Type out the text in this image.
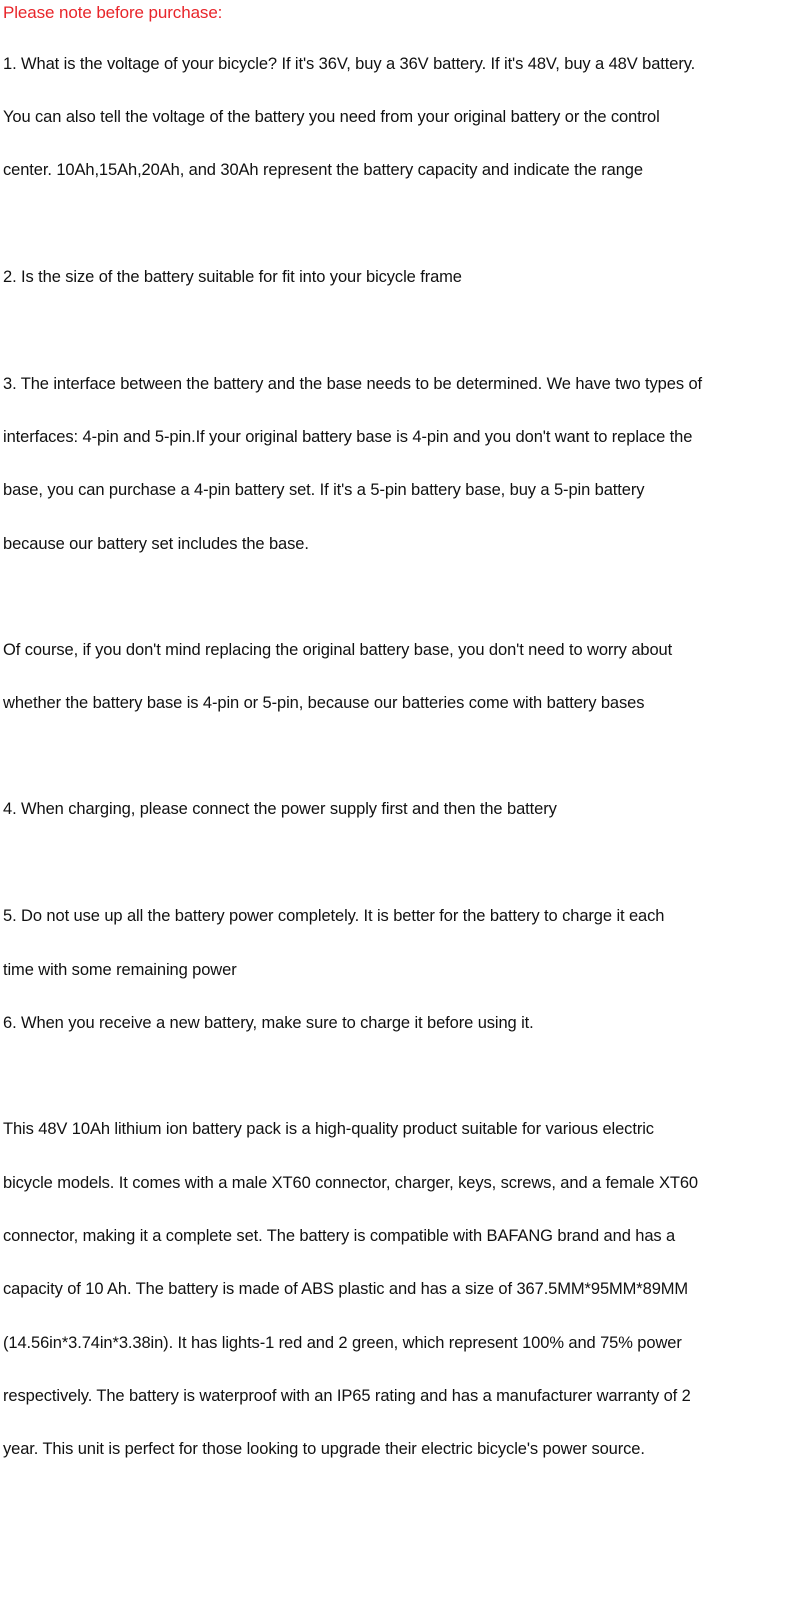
Please note before purchase:
1. What is the voltage of your bicycle? If it's 36V, buy a 36V battery. If it's 48V, buy a 48V battery.
You can also tell the voltage of the battery you need from your original battery or the control
center. 10Ah,15Ah,20Ah, and 30Ah represent the battery capacity and indicate the range
2. Is the size of the battery suitable for fit into your bicycle frame
3. The interface between the battery and the base needs to be determined. We have two types of
interfaces: 4-pin and 5-pin.If your original battery base is 4-pin and you don't want to replace the
base, you can purchase a 4-pin battery set. If it's a 5-pin battery base, buy a 5-pin battery
because our battery set includes the base.
Of course, if you don't mind replacing the original battery base, you don't need to worry about
whether the battery base is 4-pin or 5-pin, because our batteries come with battery bases
4. When charging, please connect the power supply first and then the battery
5. Do not use up all the battery power completely. It is better for the battery to charge it each
time with some remaining power
6. When you receive a new battery, make sure to charge it before using it.
This 48V 10Ah lithium ion battery pack is a high-quality product suitable for various electric
bicycle models. It comes with a male XT60 connector, charger, keys, screws, and a female XT60
connector, making it a complete set. The battery is compatible with BAFANG brand and has a
capacity of 10 Ah. The battery is made of ABS plastic and has a size of 367.5MM*95MM*89MM
(14.56in*3.74in*3.38in). It has lights-1 red and 2 green, which represent 100% and 75% power
respectively. The battery is waterproof with an IP65 rating and has a manufacturer warranty of 2
year. This unit is perfect for those looking to upgrade their electric bicycle's power source.
